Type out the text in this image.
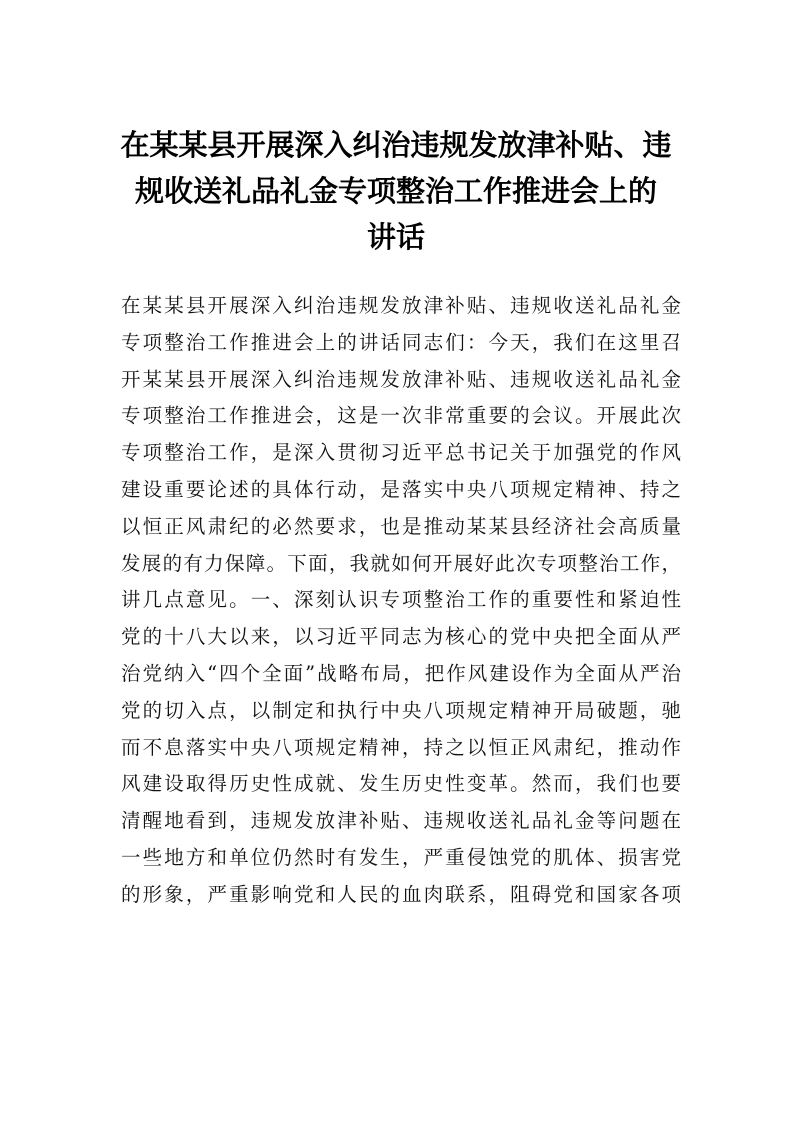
在某某县开展深入纠治违规发放津补贴、违
规收送礼品礼金专项整治工作推进会上的
讲话
在某某县开展深入纠治违规发放津补贴、违规收送礼品礼金
专项整治工作推进会上的讲话同志们：今天，我们在这里召
开某某县开展深入纠治违规发放津补贴、违规收送礼品礼金
专项整治工作推进会，这是一次非常重要的会议。开展此次
专项整治工作，是深入贯彻习近平总书记关于加强党的作风
建设重要论述的具体行动，是落实中央八项规定精神、持之
以恒正风肃纪的必然要求，也是推动某某县经济社会高质量
发展的有力保障。下面，我就如何开展好此次专项整治工作，
讲几点意见。一、深刻认识专项整治工作的重要性和紧迫性
党的十八大以来，以习近平同志为核心的党中央把全面从严
治党纳入“四个全面”战略布局，把作风建设作为全面从严治
党的切入点，以制定和执行中央八项规定精神开局破题，驰
而不息落实中央八项规定精神，持之以恒正风肃纪，推动作
风建设取得历史性成就、发生历史性变革。然而，我们也要
清醒地看到，违规发放津补贴、违规收送礼品礼金等问题在
一些地方和单位仍然时有发生，严重侵蚀党的肌体、损害党
的形象，严重影响党和人民的血肉联系，阻碍党和国家各项
